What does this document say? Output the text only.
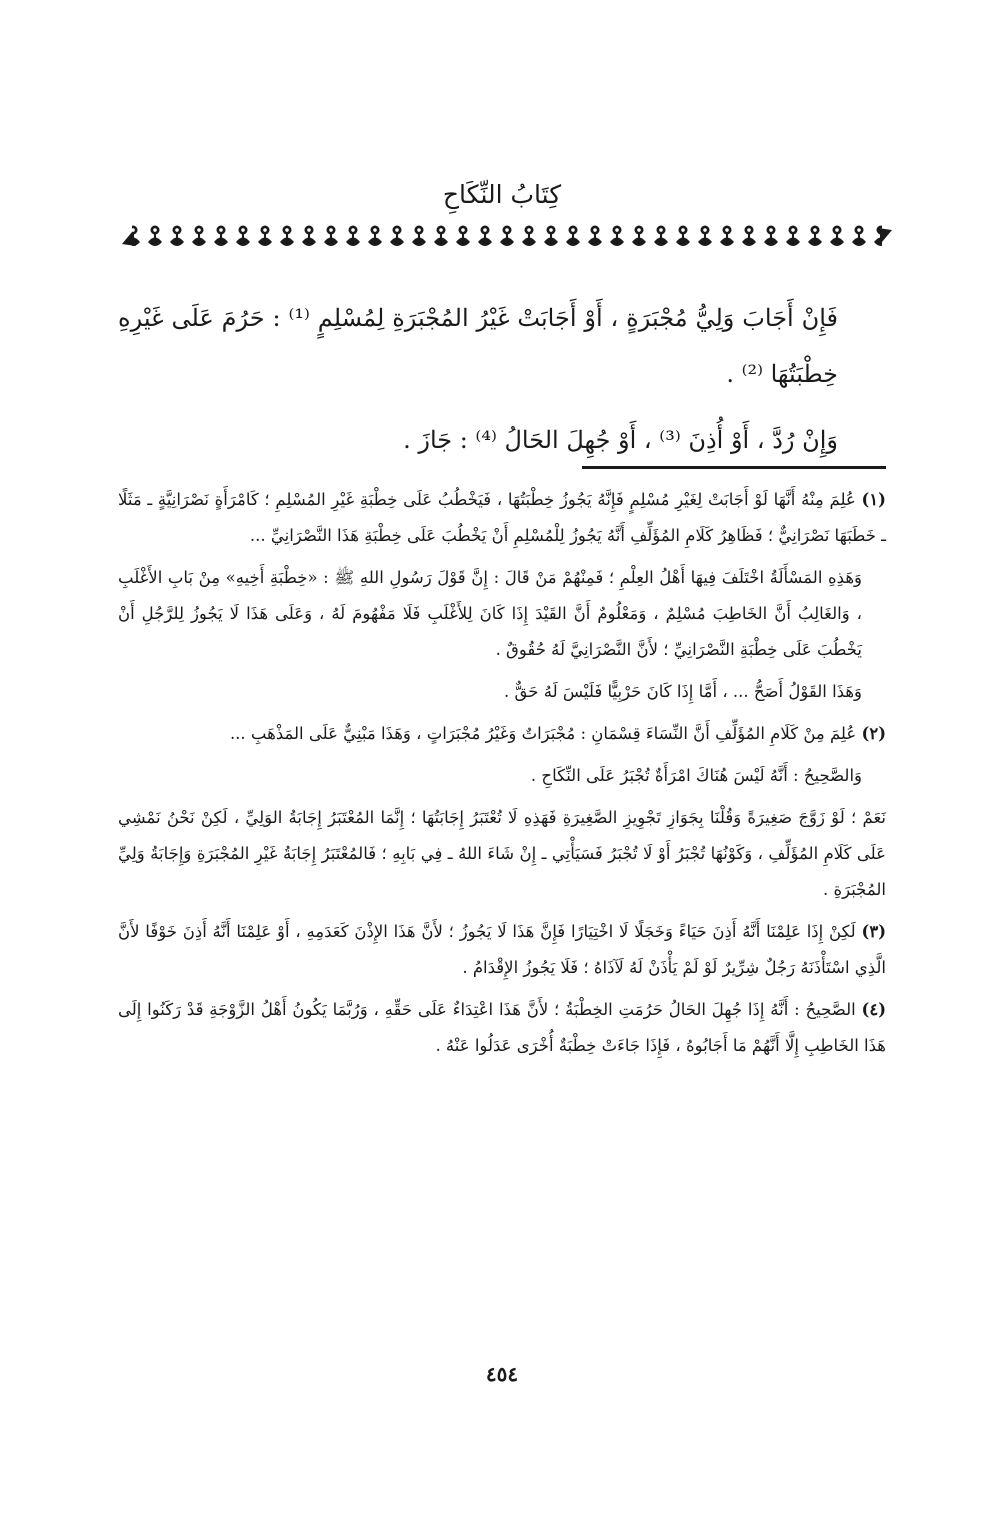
كِتَابُ النِّكَاحِ

فَإِنْ أَجَابَ وَلِيُّ مُجْبَرَةٍ ، أَوْ أَجَابَتْ غَيْرُ المُجْبَرَةِ لِمُسْلِمٍ ⁽¹⁾ : حَرُمَ عَلَى غَيْرِهِ خِطْبَتُهَا ⁽²⁾ .

وَإِنْ رُدَّ ، أَوْ أُذِنَ ⁽³⁾ ، أَوْ جُهِلَ الحَالُ ⁽⁴⁾ : جَازَ .

(١) عُلِمَ مِنْهُ أَنَّهَا لَوْ أَجَابَتْ لِغَيْرِ مُسْلِمٍ فَإِنَّهُ يَجُوزُ خِطْبَتُهَا ، فَيَخْطُبُ عَلَى خِطْبَةِ غَيْرِ المُسْلِمِ ؛ كَامْرَأَةٍ نَصْرَانِيَّةٍ ـ مَثَلًا ـ خَطَبَهَا نَصْرَانِيٌّ ؛ فَظَاهِرُ كَلَامِ المُؤَلِّفِ أَنَّهُ يَجُوزُ لِلْمُسْلِمِ أَنْ يَخْطُبَ عَلَى خِطْبَةِ هَذَا النَّصْرَانِيِّ ...

وَهَذِهِ المَسْأَلَةُ اخْتَلَفَ فِيهَا أَهْلُ العِلْمِ ؛ فَمِنْهُمْ مَنْ قَالَ : إِنَّ قَوْلَ رَسُولِ اللهِ ﷺ : «خِطْبَةِ أَخِيهِ» مِنْ بَابِ الأَغْلَبِ ، وَالغَالِبُ أَنَّ الخَاطِبَ مُسْلِمٌ ، وَمَعْلُومٌ أَنَّ القَيْدَ إِذَا كَانَ لِلأَغْلَبِ فَلَا مَفْهُومَ لَهُ ، وَعَلَى هَذَا لَا يَجُوزُ لِلرَّجُلِ أَنْ يَخْطُبَ عَلَى خِطْبَةِ النَّصْرَانِيِّ ؛ لأَنَّ النَّصْرَانِيَّ لَهُ حُقُوقٌ .

وَهَذَا القَوْلُ أَصَحُّ ... ، أَمَّا إِذَا كَانَ حَرْبِيًّا فَلَيْسَ لَهُ حَقٌّ .

(٢) عُلِمَ مِنْ كَلَامِ المُؤَلِّفِ أَنَّ النِّسَاءَ قِسْمَانِ : مُجْبَرَاتٌ وَغَيْرُ مُجْبَرَاتٍ ، وَهَذَا مَبْنِيٌّ عَلَى المَذْهَبِ ...

وَالصَّحِيحُ : أَنَّهُ لَيْسَ هُنَاكَ امْرَأَةٌ تُجْبَرُ عَلَى النِّكَاحِ .

نَعَمْ ؛ لَوْ زَوَّجَ صَغِيرَةً وَقُلْنَا بِجَوَازِ تَجْوِيزِ الصَّغِيرَةِ فَهَذِهِ لَا تُعْتَبَرُ إِجَابَتُهَا ؛ إِنَّمَا المُعْتَبَرُ إِجَابَةُ الوَلِيِّ ، لَكِنْ نَحْنُ نَمْشِي عَلَى كَلَامِ المُؤَلِّفِ ، وَكَوْنُهَا تُجْبَرُ أَوْ لَا تُجْبَرُ فَسَيَأْتِي ـ إِنْ شَاءَ اللهُ ـ فِي بَابِهِ ؛ فَالمُعْتَبَرُ إِجَابَةُ غَيْرِ المُجْبَرَةِ وَإِجَابَةُ وَلِيِّ المُجْبَرَةِ .

(٣) لَكِنْ إِذَا عَلِمْنَا أَنَّهُ أَذِنَ حَيَاءً وَخَجَلًا لَا اخْتِيَارًا فَإِنَّ هَذَا لَا يَجُوزُ ؛ لأَنَّ هَذَا الإِذْنَ كَعَدَمِهِ ، أَوْ عَلِمْنَا أَنَّهُ أَذِنَ خَوْفًا لأَنَّ الَّذِي اسْتَأْذَنَهُ رَجُلٌ شِرِّيرٌ لَوْ لَمْ يَأْذَنْ لَهُ لَآذَاهُ ؛ فَلَا يَجُوزُ الإِقْدَامُ .

(٤) الصَّحِيحُ : أَنَّهُ إِذَا جُهِلَ الحَالُ حَرُمَتِ الخِطْبَةُ ؛ لأَنَّ هَذَا اعْتِدَاءٌ عَلَى حَقِّهِ ، وَرُبَّمَا يَكُونُ أَهْلُ الزَّوْجَةِ قَدْ رَكَنُوا إِلَى هَذَا الخَاطِبِ إِلَّا أَنَّهُمْ مَا أَجَابُوهُ ، فَإِذَا جَاءَتْ خِطْبَةٌ أُخْرَى عَدَلُوا عَنْهُ .

٤٥٤
